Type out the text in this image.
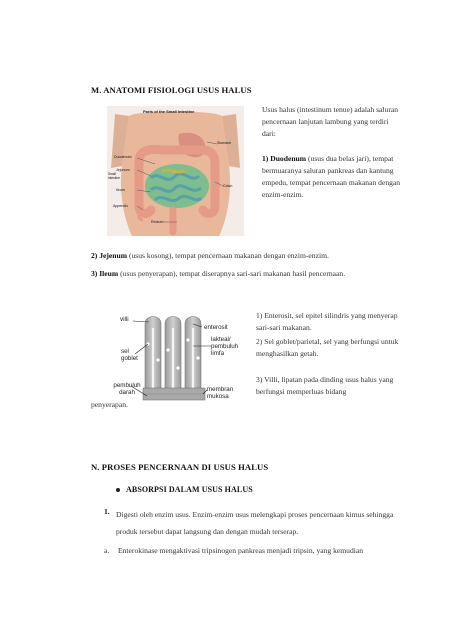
M. ANATOMI FISIOLOGI USUS HALUS
Parts of the Small Intestine
Duodenum
Jejunum
Small intestine
Ileum
Appendix
Stomach
Colon
Rectum
Usus halus (intestinum tenue) adalah saluran pencernaan lanjutan lambung yang terdiri dari:
1) Duodenum (usus dua belas jari), tempat bermuaranya saluran pankreas dan kantung empedu, tempat pencernaan makanan dengan enzim-enzim.
2) Jejenum (usus kosong), tempat pencernaan makanan dengan enzim-enzim.
3) Ileum (usus penyerapan), tempat diserapnya sari-sari makanan hasil pencernaan.
villi
sel
goblet
pembuluh
darah
enterosit
lakteal/
pembuluh
limfa
membran
mukosa
1) Enterosit, sel epitel silindris yang menyerap sari-sari makanan.
2) Sel goblet/parietal, sel yang berfungsi untuk menghasilkan getah.
3) Villi, lipatan pada dinding usus halus yang berfungsi memperluas bidang
penyerapan.
N. PROSES PENCERNAAN DI USUS HALUS
ABSORPSI DALAM USUS HALUS
1. Digesti oleh enzim usus. Enzim-enzim usus melengkapi proses pencernaan kimus sehingga produk tersebut dapat langsung dan dengan mudah terserap.
a. Enterokinase mengaktivasi tripsinogen pankreas menjadi tripsin, yang kemudian
